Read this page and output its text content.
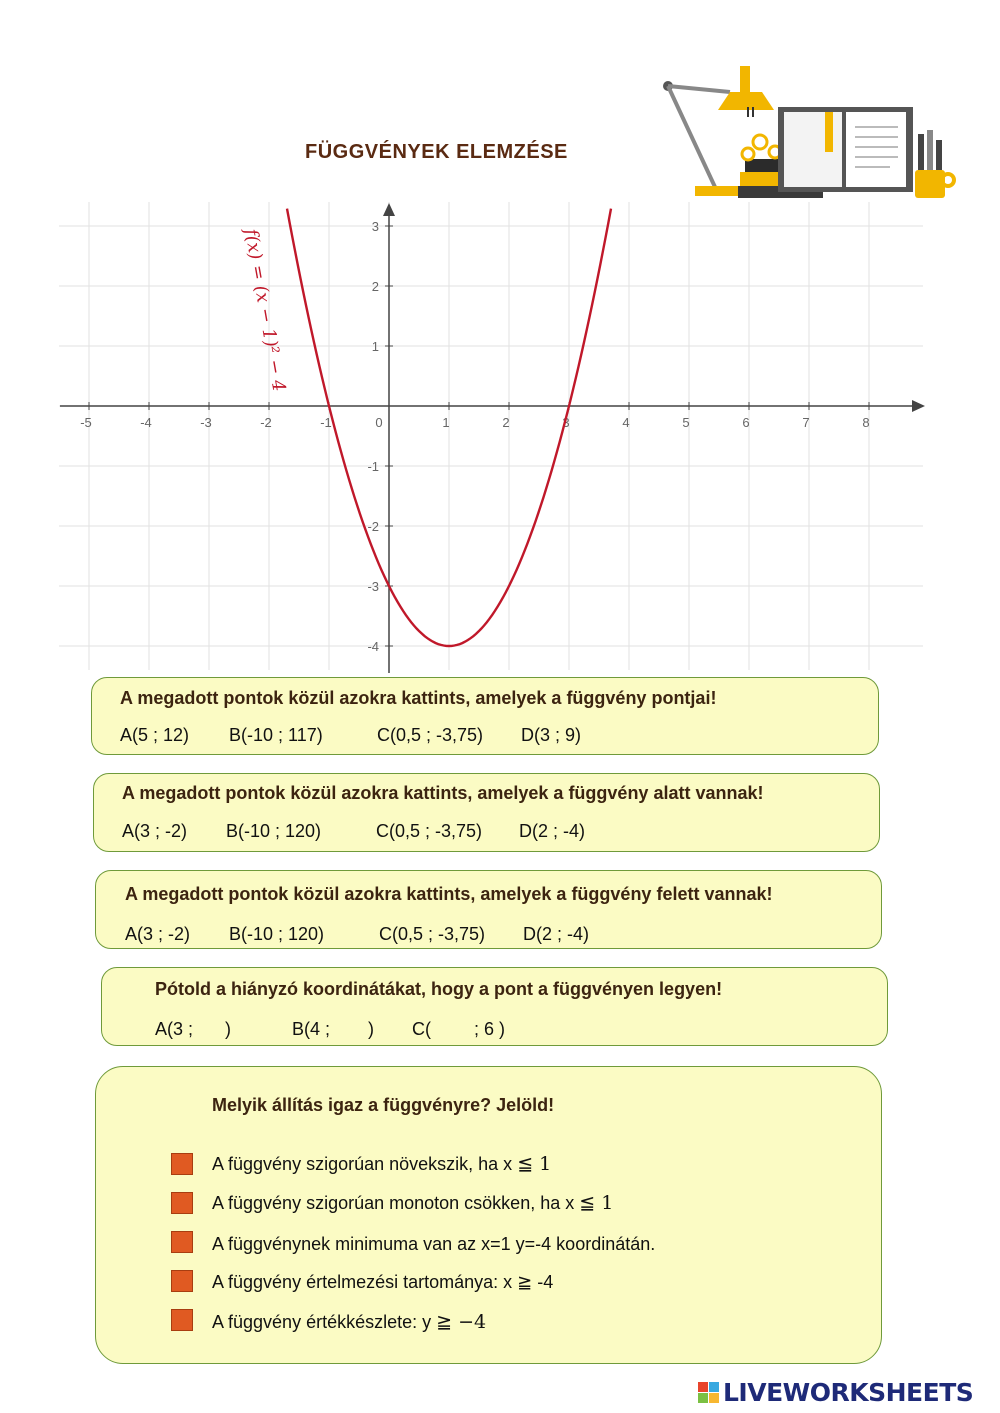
FÜGGVÉNYEK ELEMZÉSE
-5	-4	-3	-2	-1	0	1	2	3	4	5	6	7	8
3
2
1
-1
-2
-3
-4
f(x) = (x − 1)² − 4
A megadott pontok közül azokra kattints, amelyek a függvény pontjai!
A(5 ; 12) B(-10 ; 117)	C(0,5 ; -3,75) D(3 ; 9)
A megadott pontok közül azokra kattints, amelyek a függvény alatt vannak!
A(3 ; -2) B(-10 ; 120)	C(0,5 ; -3,75) D(2 ; -4)
A megadott pontok közül azokra kattints, amelyek a függvény felett vannak!
A(3 ; -2) B(-10 ; 120)	C(0,5 ; -3,75) D(2 ; -4)
Pótold a hiányzó koordinátákat, hogy a pont a függvényen legyen!
A(3 ; )	B(4 ; ) C( ; 6 )
Melyik állítás igaz a függvényre? Jelöld!
A függvény szigorúan növekszik, ha x ≦ 1
A függvény szigorúan monoton csökken, ha x ≦ 1
A függvénynek minimuma van az x=1 y=-4 koordinátán.
A függvény értelmezési tartománya: x ≧ -4
A függvény értékkészlete: y ≧ −4
LIVEWORKSHEETS
